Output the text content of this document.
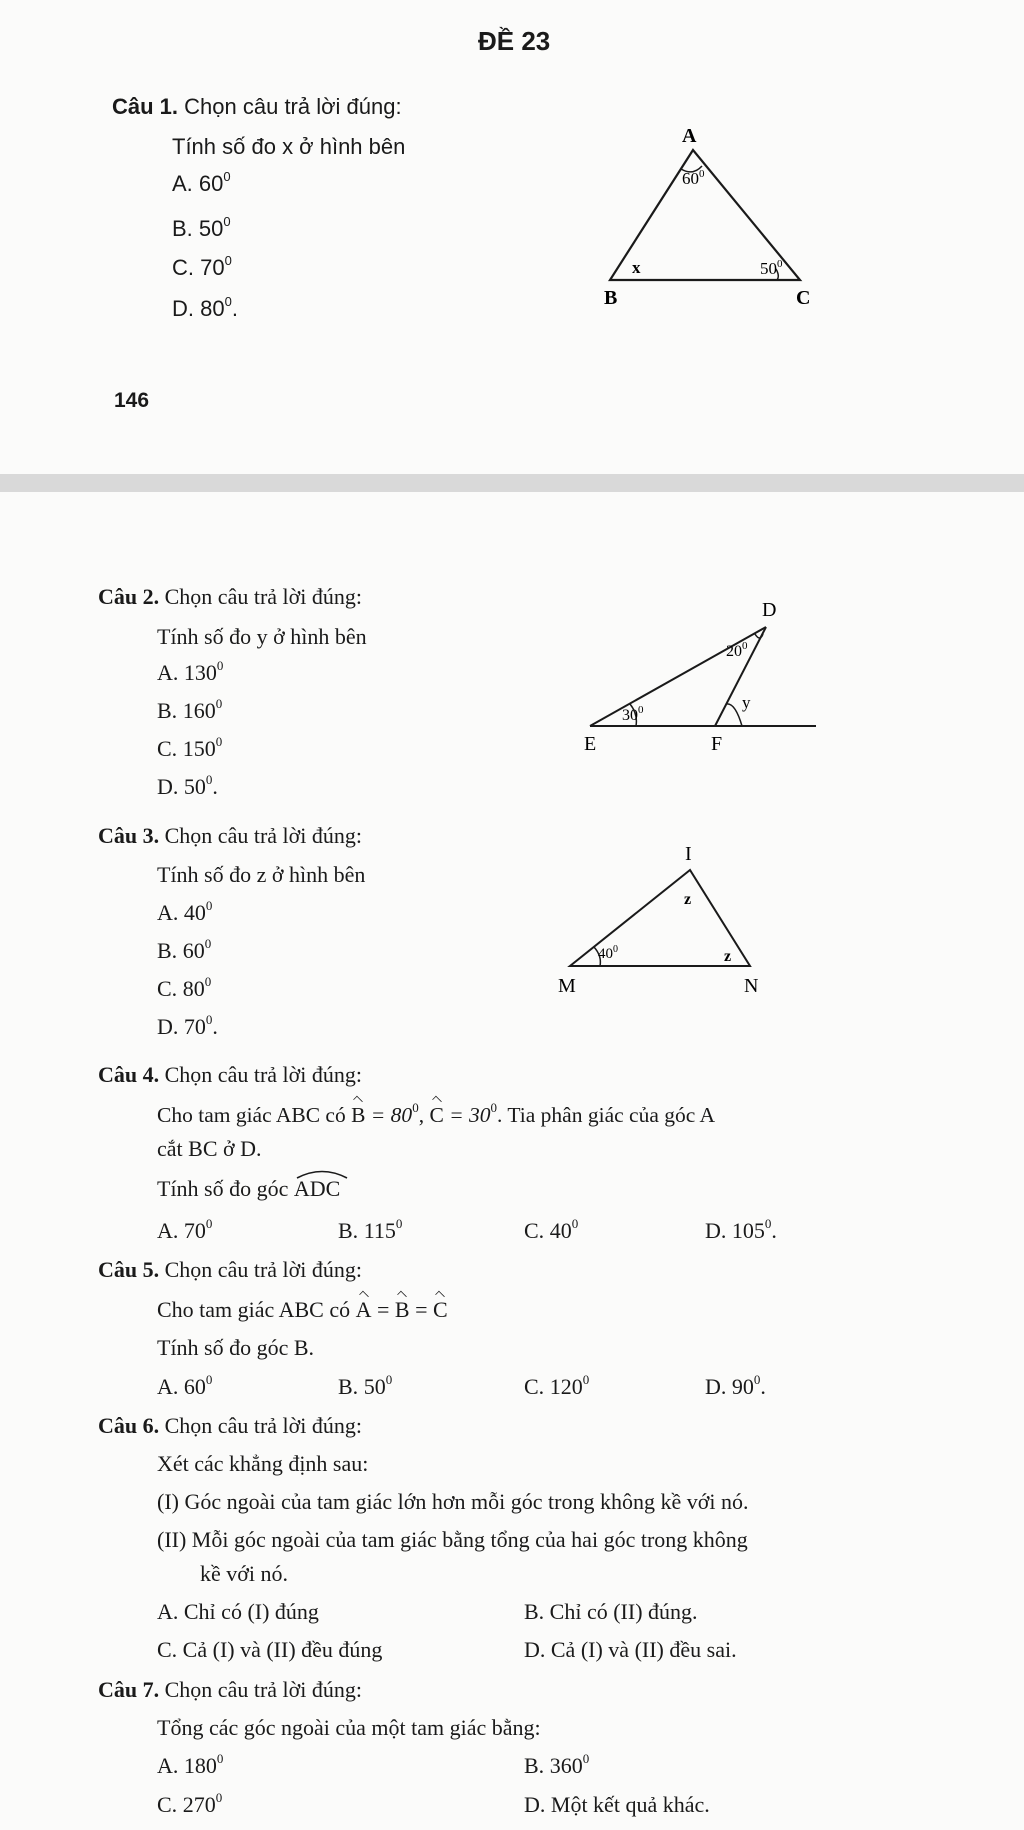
ĐỀ 23
Câu 1. Chọn câu trả lời đúng:
Tính số đo x ở hình bên
A. $60^0$
B. $50^0$
C. $70^0$
D. $80^0$.
A
B	C
$60^0$
$50^0$
x
146
Câu 2. Chọn câu trả lời đúng:
Tính số đo y ở hình bên
A. $130^0$
B. $160^0$
C. $150^0$
D. $50^0$.
D
E	F
$20^0$
$30^0$	y
Câu 3. Chọn câu trả lời đúng:
Tính số đo z ở hình bên
A. $40^0$
B. $60^0$
C. $80^0$
D. $70^0$.
I
M	N
$40^0$
z
z
Câu 4. Chọn câu trả lời đúng:
Cho tam giác ABC có $B = 80^0$, $C = 30^0$. Tia phân giác của góc A
cắt BC ở D.
Tính số đo góc
ADC
A. $70^0$	B. $115^0$	C. $40^0$	D. $105^0$.
Câu 5. Chọn câu trả lời đúng:
Cho tam giác ABC có A = B = C
Tính số đo góc B.
A. $60^0$	B. $50^0$	C. $120^0$	D. $90^0$.
Câu 6. Chọn câu trả lời đúng:
Xét các khẳng định sau:
(I) Góc ngoài của tam giác lớn hơn mỗi góc trong không kề với nó.
(II) Mỗi góc ngoài của tam giác bằng tổng của hai góc trong không
kề với nó.
A. Chỉ có (I) đúng	B. Chỉ có (II) đúng.
C. Cả (I) và (II) đều đúng	D. Cả (I) và (II) đều sai.
Câu 7. Chọn câu trả lời đúng:
Tổng các góc ngoài của một tam giác bằng:
A. $180^0$	B. $360^0$
C. $270^0$	D. Một kết quả khác.
